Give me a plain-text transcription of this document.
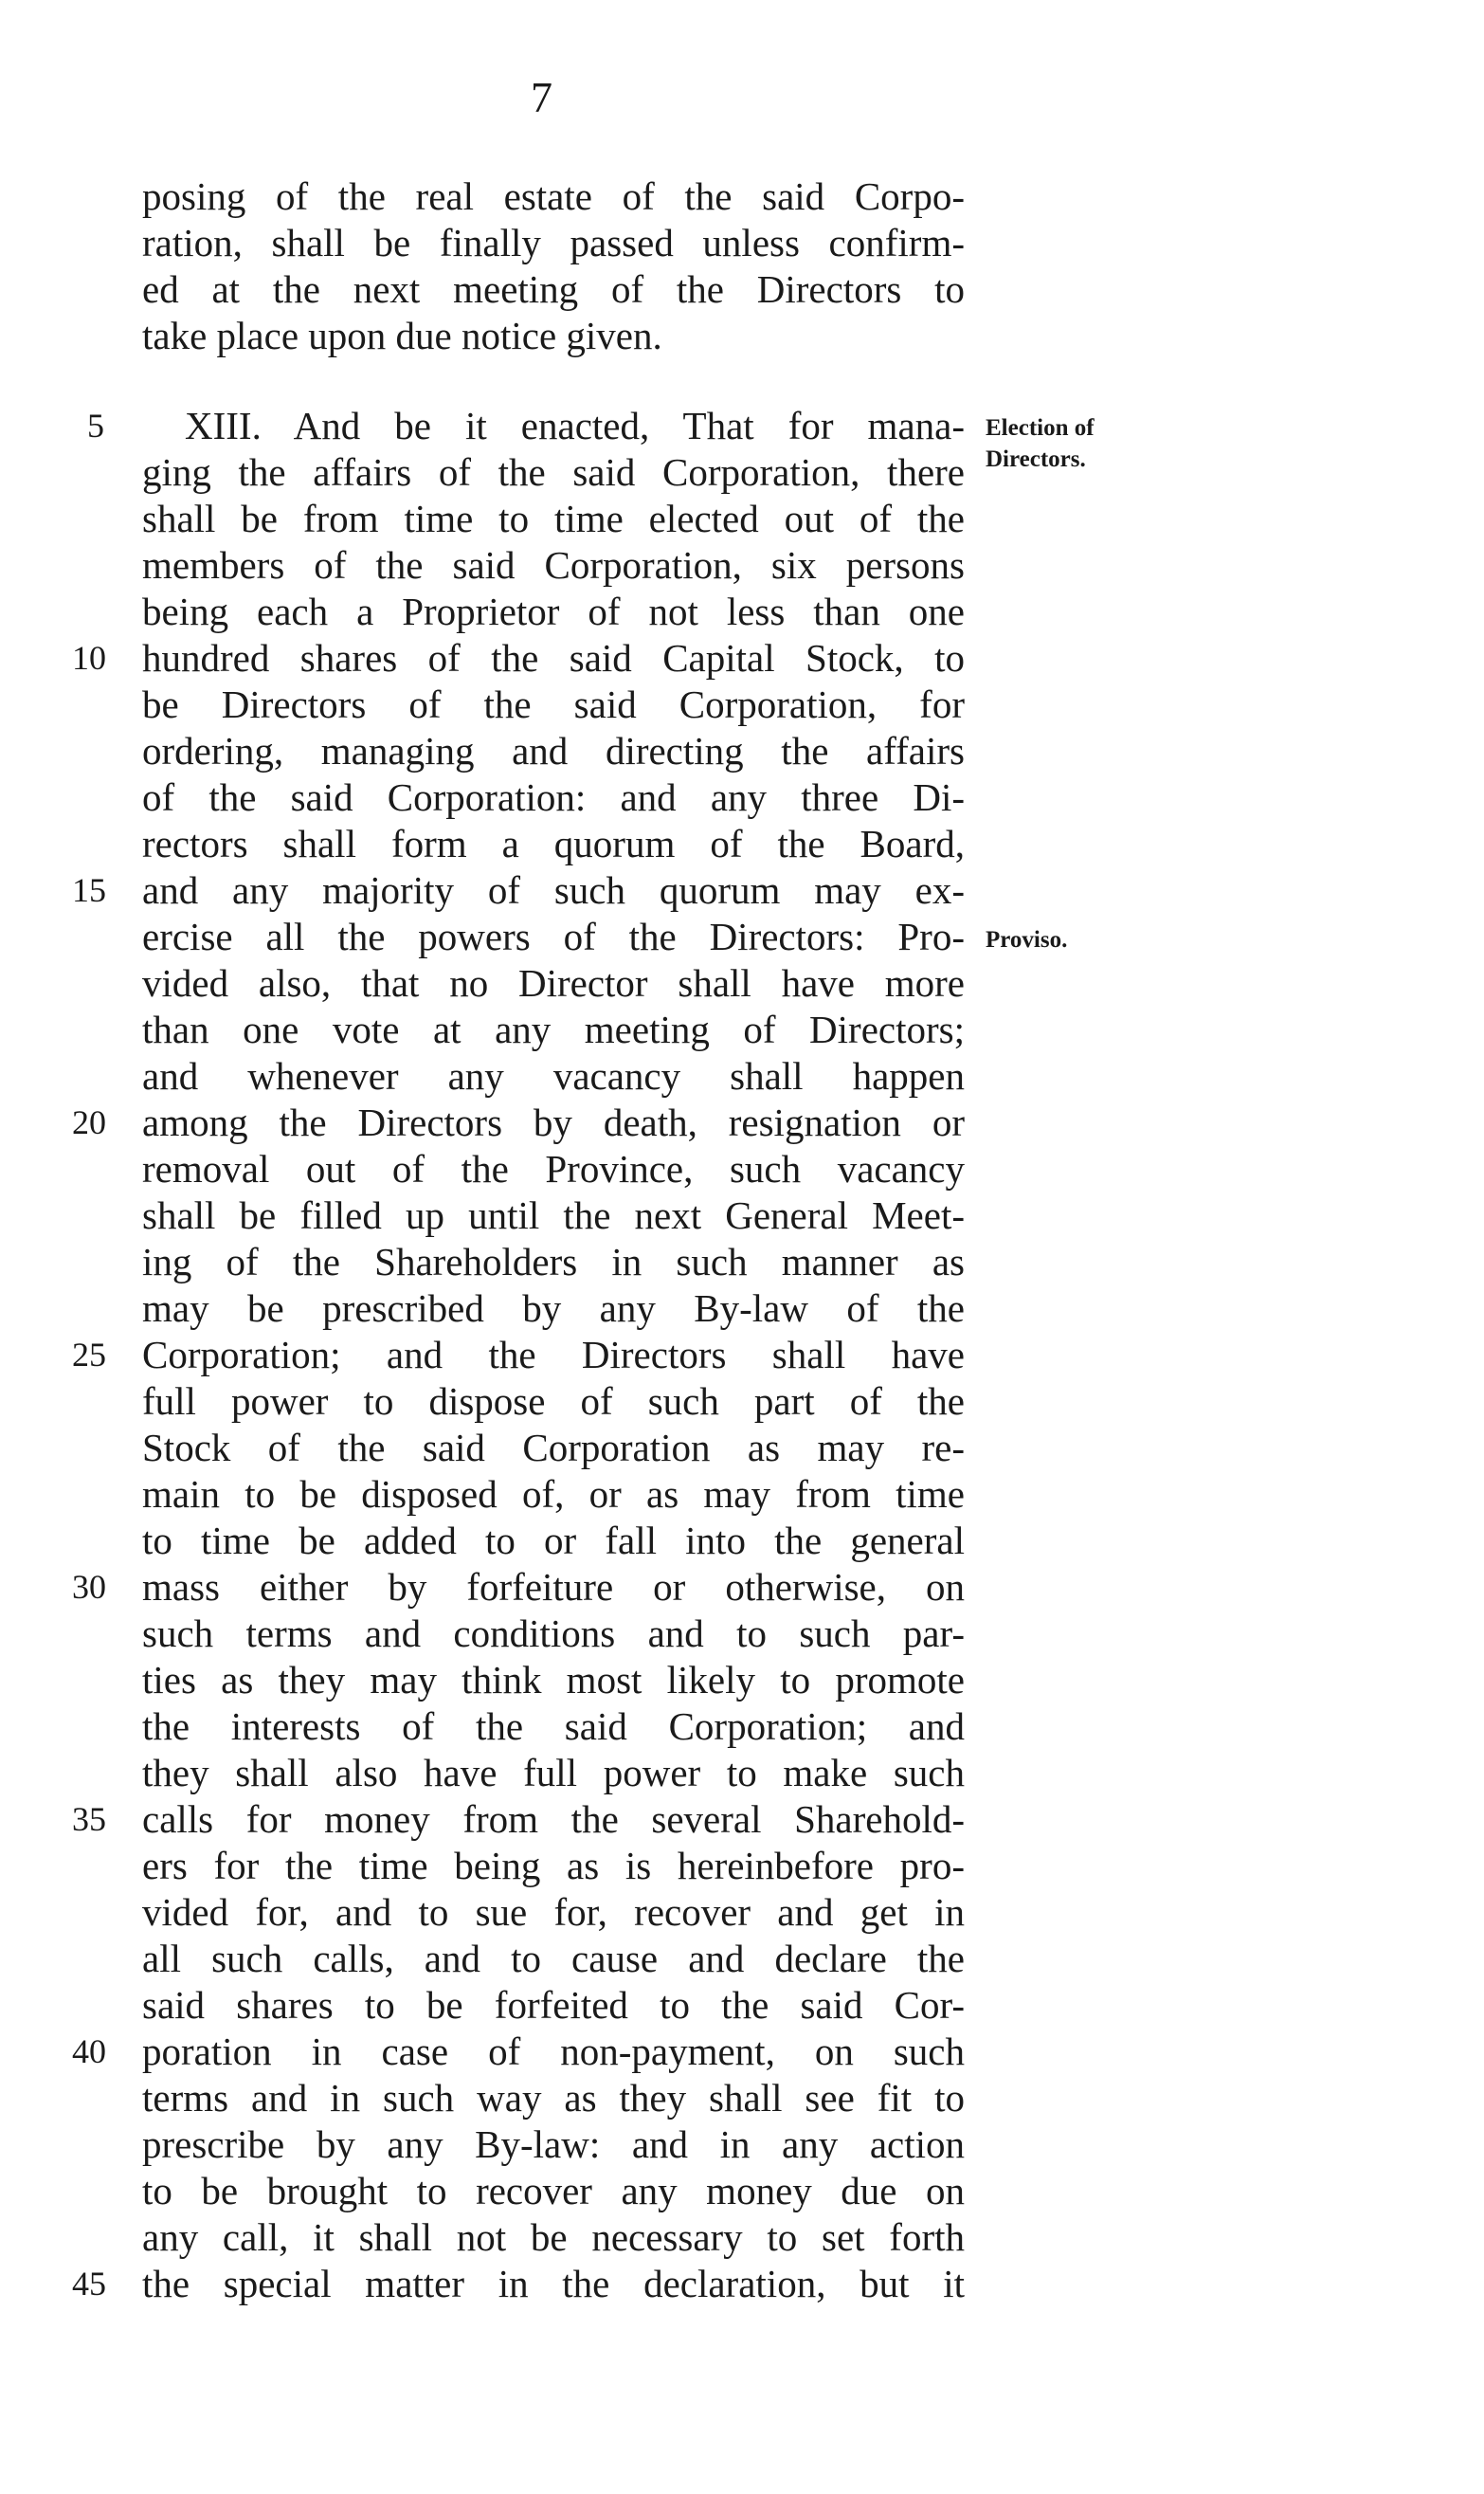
7
posing of the real estate of the said Corpo-
ration, shall be finally passed unless confirm-
ed at the next meeting of the Directors to
take place upon due notice given.
XIII. And be it enacted, That for mana-
ging the affairs of the said Corporation, there
shall be from time to time elected out of the
members of the said Corporation, six persons
being each a Proprietor of not less than one
hundred shares of the said Capital Stock, to
be Directors of the said Corporation, for
ordering, managing and directing the affairs
of the said Corporation: and any three Di-
rectors shall form a quorum of the Board,
and any majority of such quorum may ex-
ercise all the powers of the Directors: Pro-
vided also, that no Director shall have more
than one vote at any meeting of Directors;
and whenever any vacancy shall happen
among the Directors by death, resignation or
removal out of the Province, such vacancy
shall be filled up until the next General Meet-
ing of the Shareholders in such manner as
may be prescribed by any By-law of the
Corporation; and the Directors shall have
full power to dispose of such part of the
Stock of the said Corporation as may re-
main to be disposed of, or as may from time
to time be added to or fall into the general
mass either by forfeiture or otherwise, on
such terms and conditions and to such par-
ties as they may think most likely to promote
the interests of the said Corporation; and
they shall also have full power to make such
calls for money from the several Sharehold-
ers for the time being as is hereinbefore pro-
vided for, and to sue for, recover and get in
all such calls, and to cause and declare the
said shares to be forfeited to the said Cor-
poration in case of non-payment, on such
terms and in such way as they shall see fit to
prescribe by any By-law: and in any action
to be brought to recover any money due on
any call, it shall not be necessary to set forth
the special matter in the declaration, but it
5
10
15
20
25
30
35
40
45
Election of
Directors.
Proviso.
